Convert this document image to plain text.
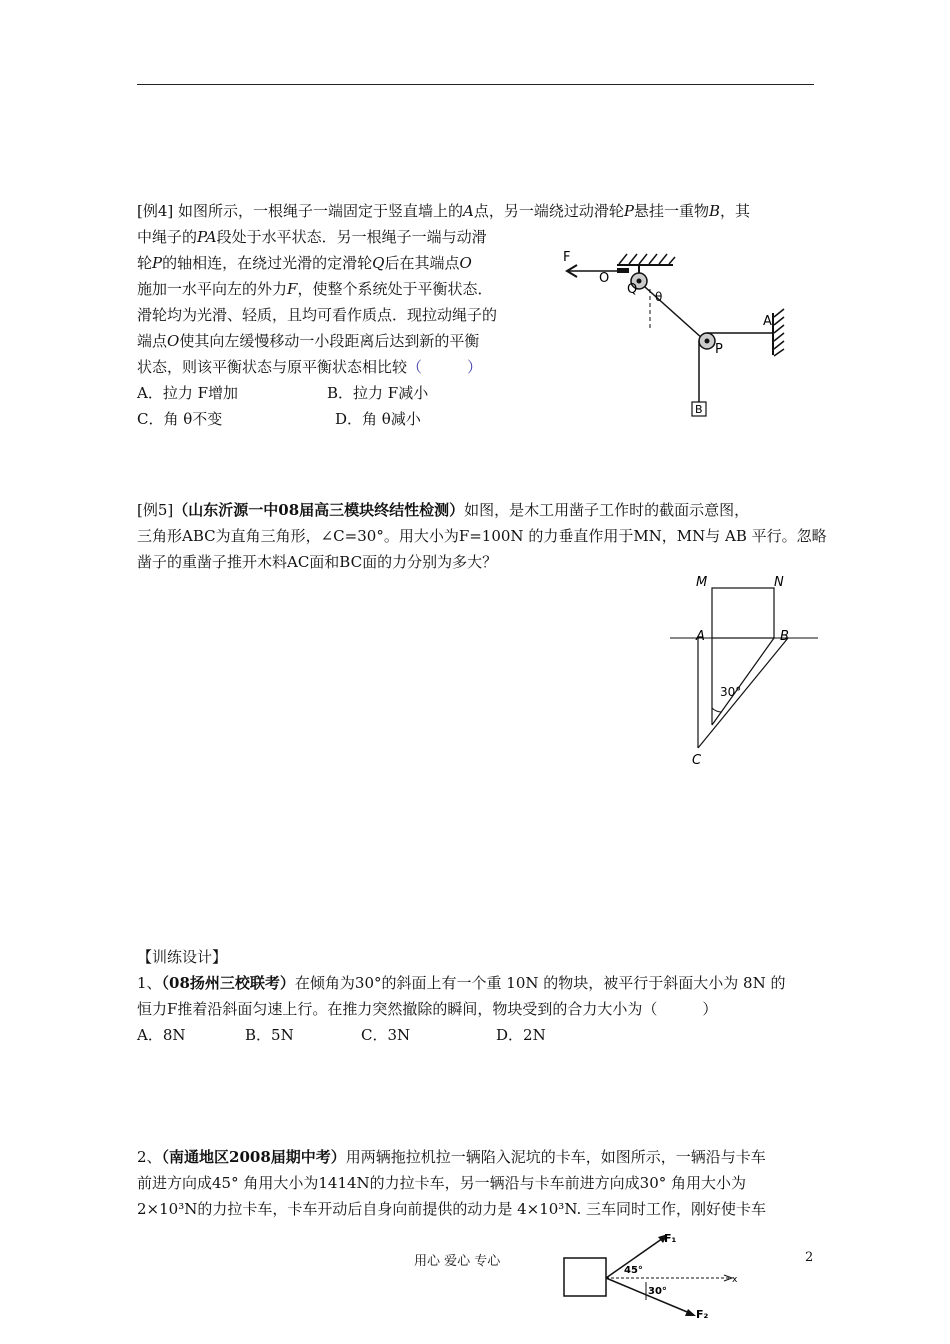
[例4] 如图所示，一根绳子一端固定于竖直墙上的A点，另一端绕过动滑轮P悬挂一重物B，其
中绳子的PA段处于水平状态．另一根绳子一端与动滑
轮P的轴相连，在绕过光滑的定滑轮Q后在其端点O
施加一水平向左的外力F，使整个系统处于平衡状态．
滑轮均为光滑、轻质，且均可看作质点．现拉动绳子的
端点O使其向左缓慢移动一小段距离后达到新的平衡
状态，则该平衡状态与原平衡状态相比较（　　　）
A．拉力 F增加	B．拉力 F减小
C．角 θ不变	D．角 θ减小
F
O
Q θ
A
P
B
[例5]（山东沂源一中08届高三模块终结性检测）如图，是木工用凿子工作时的截面示意图，
三角形ABC为直角三角形，∠C=30°。用大小为F=100N 的力垂直作用于MN，MN与 AB 平行。忽略
凿子的重凿子推开木料AC面和BC面的力分别为多大？
M	N
A	B
C
30°
【训练设计】
1、（08扬州三校联考）在倾角为30°的斜面上有一个重 10N 的物块，被平行于斜面大小为 8N 的
恒力F推着沿斜面匀速上行。在推力突然撤除的瞬间，物块受到的合力大小为（　　　）
A．8N	B．5N	C．3N	D．2N
2、（南通地区2008届期中考）用两辆拖拉机拉一辆陷入泥坑的卡车，如图所示，一辆沿与卡车
前进方向成45° 角用大小为1414N的力拉卡车，另一辆沿与卡车前进方向成30° 角用大小为
2×10³N的力拉卡车，卡车开动后自身向前提供的动力是 4×10³N. 三车同时工作，刚好使卡车
F₁
F₂
45°
30°
x
用心 爱心 专心	2
